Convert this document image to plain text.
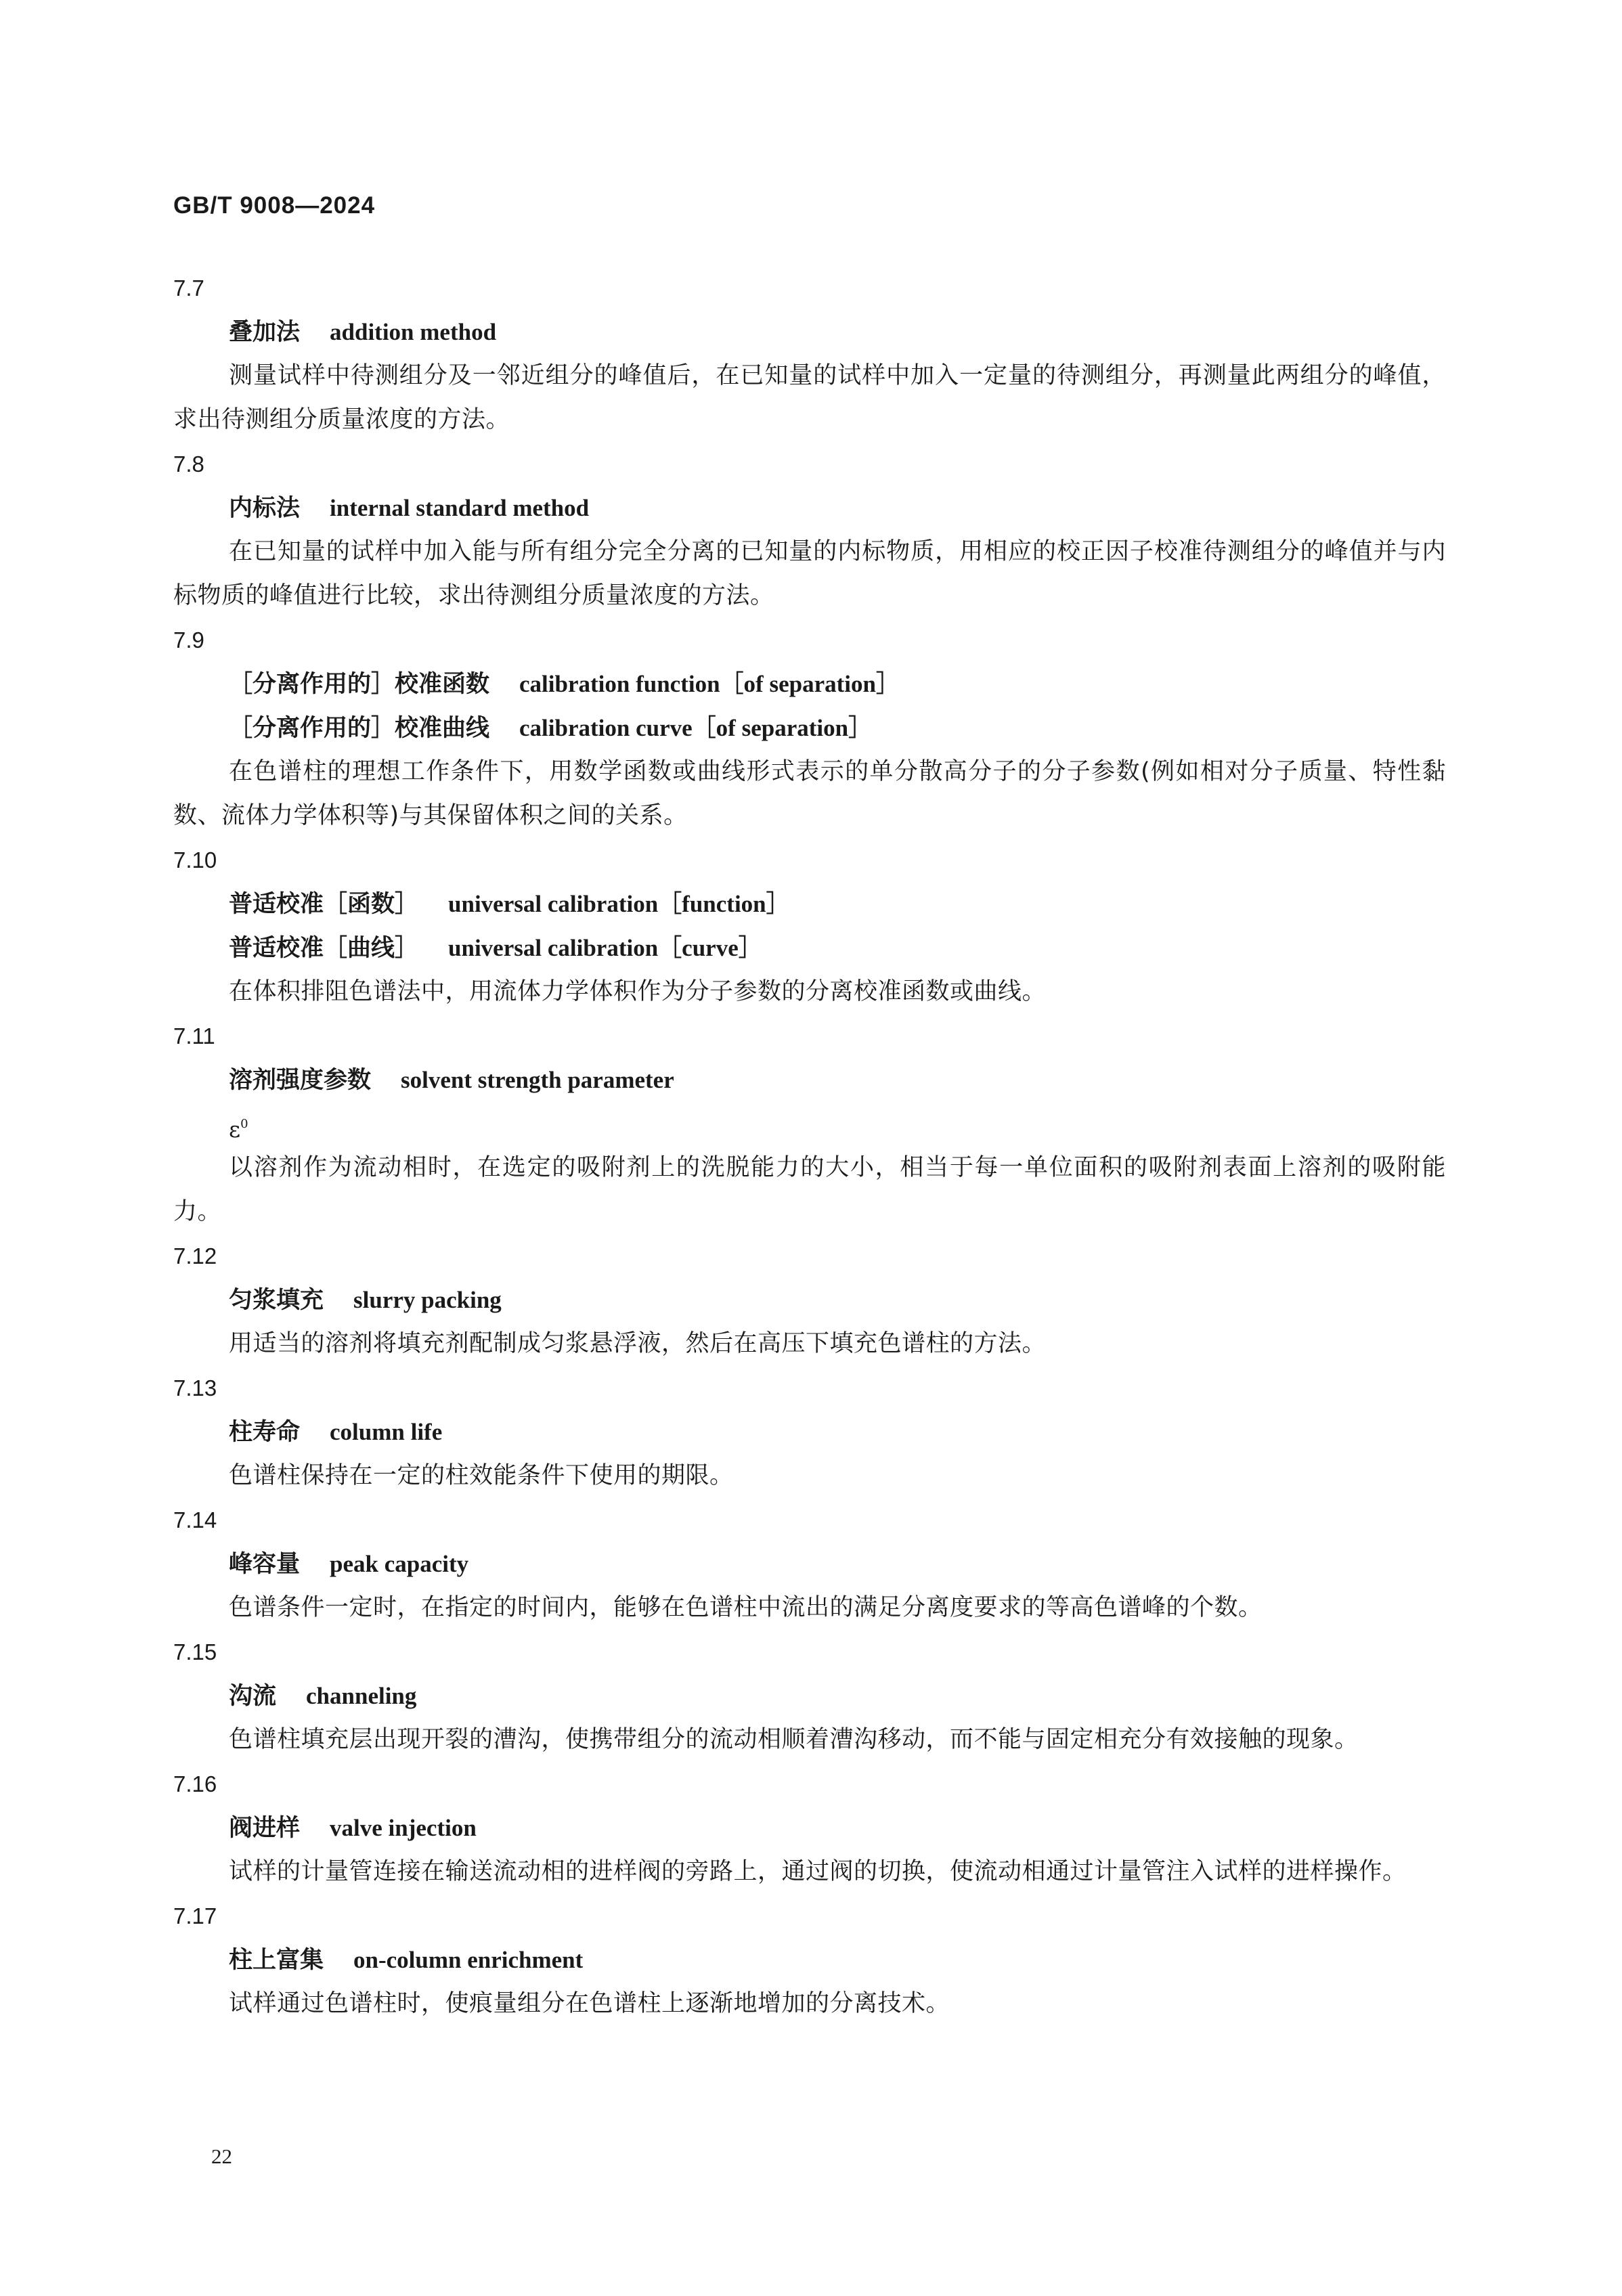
GB/T 9008—2024
7.7
叠加法 addition method
测量试样中待测组分及一邻近组分的峰值后，在已知量的试样中加入一定量的待测组分，再测量此两组分的峰值，求出待测组分质量浓度的方法。
7.8
内标法 internal standard method
在已知量的试样中加入能与所有组分完全分离的已知量的内标物质，用相应的校正因子校准待测组分的峰值并与内标物质的峰值进行比较，求出待测组分质量浓度的方法。
7.9
［分离作用的］校准函数 calibration function［of separation］
［分离作用的］校准曲线 calibration curve［of separation］
在色谱柱的理想工作条件下，用数学函数或曲线形式表示的单分散高分子的分子参数(例如相对分子质量、特性黏数、流体力学体积等)与其保留体积之间的关系。
7.10
普适校准［函数］ universal calibration［function］
普适校准［曲线］ universal calibration［curve］
在体积排阻色谱法中，用流体力学体积作为分子参数的分离校准函数或曲线。
7.11
溶剂强度参数 solvent strength parameter
$\varepsilon^0$
以溶剂作为流动相时，在选定的吸附剂上的洗脱能力的大小，相当于每一单位面积的吸附剂表面上溶剂的吸附能力。
7.12
匀浆填充 slurry packing
用适当的溶剂将填充剂配制成匀浆悬浮液，然后在高压下填充色谱柱的方法。
7.13
柱寿命 column life
色谱柱保持在一定的柱效能条件下使用的期限。
7.14
峰容量 peak capacity
色谱条件一定时，在指定的时间内，能够在色谱柱中流出的满足分离度要求的等高色谱峰的个数。
7.15
沟流 channeling
色谱柱填充层出现开裂的漕沟，使携带组分的流动相顺着漕沟移动，而不能与固定相充分有效接触的现象。
7.16
阀进样 valve injection
试样的计量管连接在输送流动相的进样阀的旁路上，通过阀的切换，使流动相通过计量管注入试样的进样操作。
7.17
柱上富集 on-column enrichment
试样通过色谱柱时，使痕量组分在色谱柱上逐渐地增加的分离技术。
22
